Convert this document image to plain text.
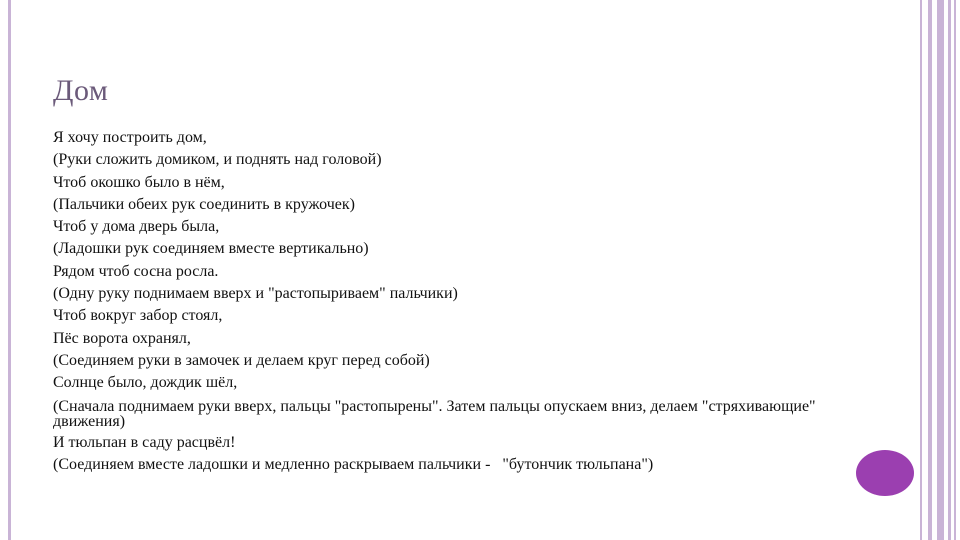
Дом
Я хочу построить дом,
(Руки сложить домиком, и поднять над головой)
Чтоб окошко было в нём,
(Пальчики обеих рук соединить в кружочек)
Чтоб у дома дверь была,
(Ладошки рук соединяем вместе вертикально)
Рядом чтоб сосна росла.
(Одну руку поднимаем вверх и "растопыриваем" пальчики)
Чтоб вокруг забор стоял,
Пёс ворота охранял,
(Соединяем руки в замочек и делаем круг перед собой)
Солнце было, дождик шёл,
(Сначала поднимаем руки вверх, пальцы "растопырены". Затем пальцы опускаем вниз, делаем "стряхивающие" движения)
И тюльпан в саду расцвёл!
(Соединяем вместе ладошки и медленно раскрываем пальчики -   "бутончик тюльпана")
